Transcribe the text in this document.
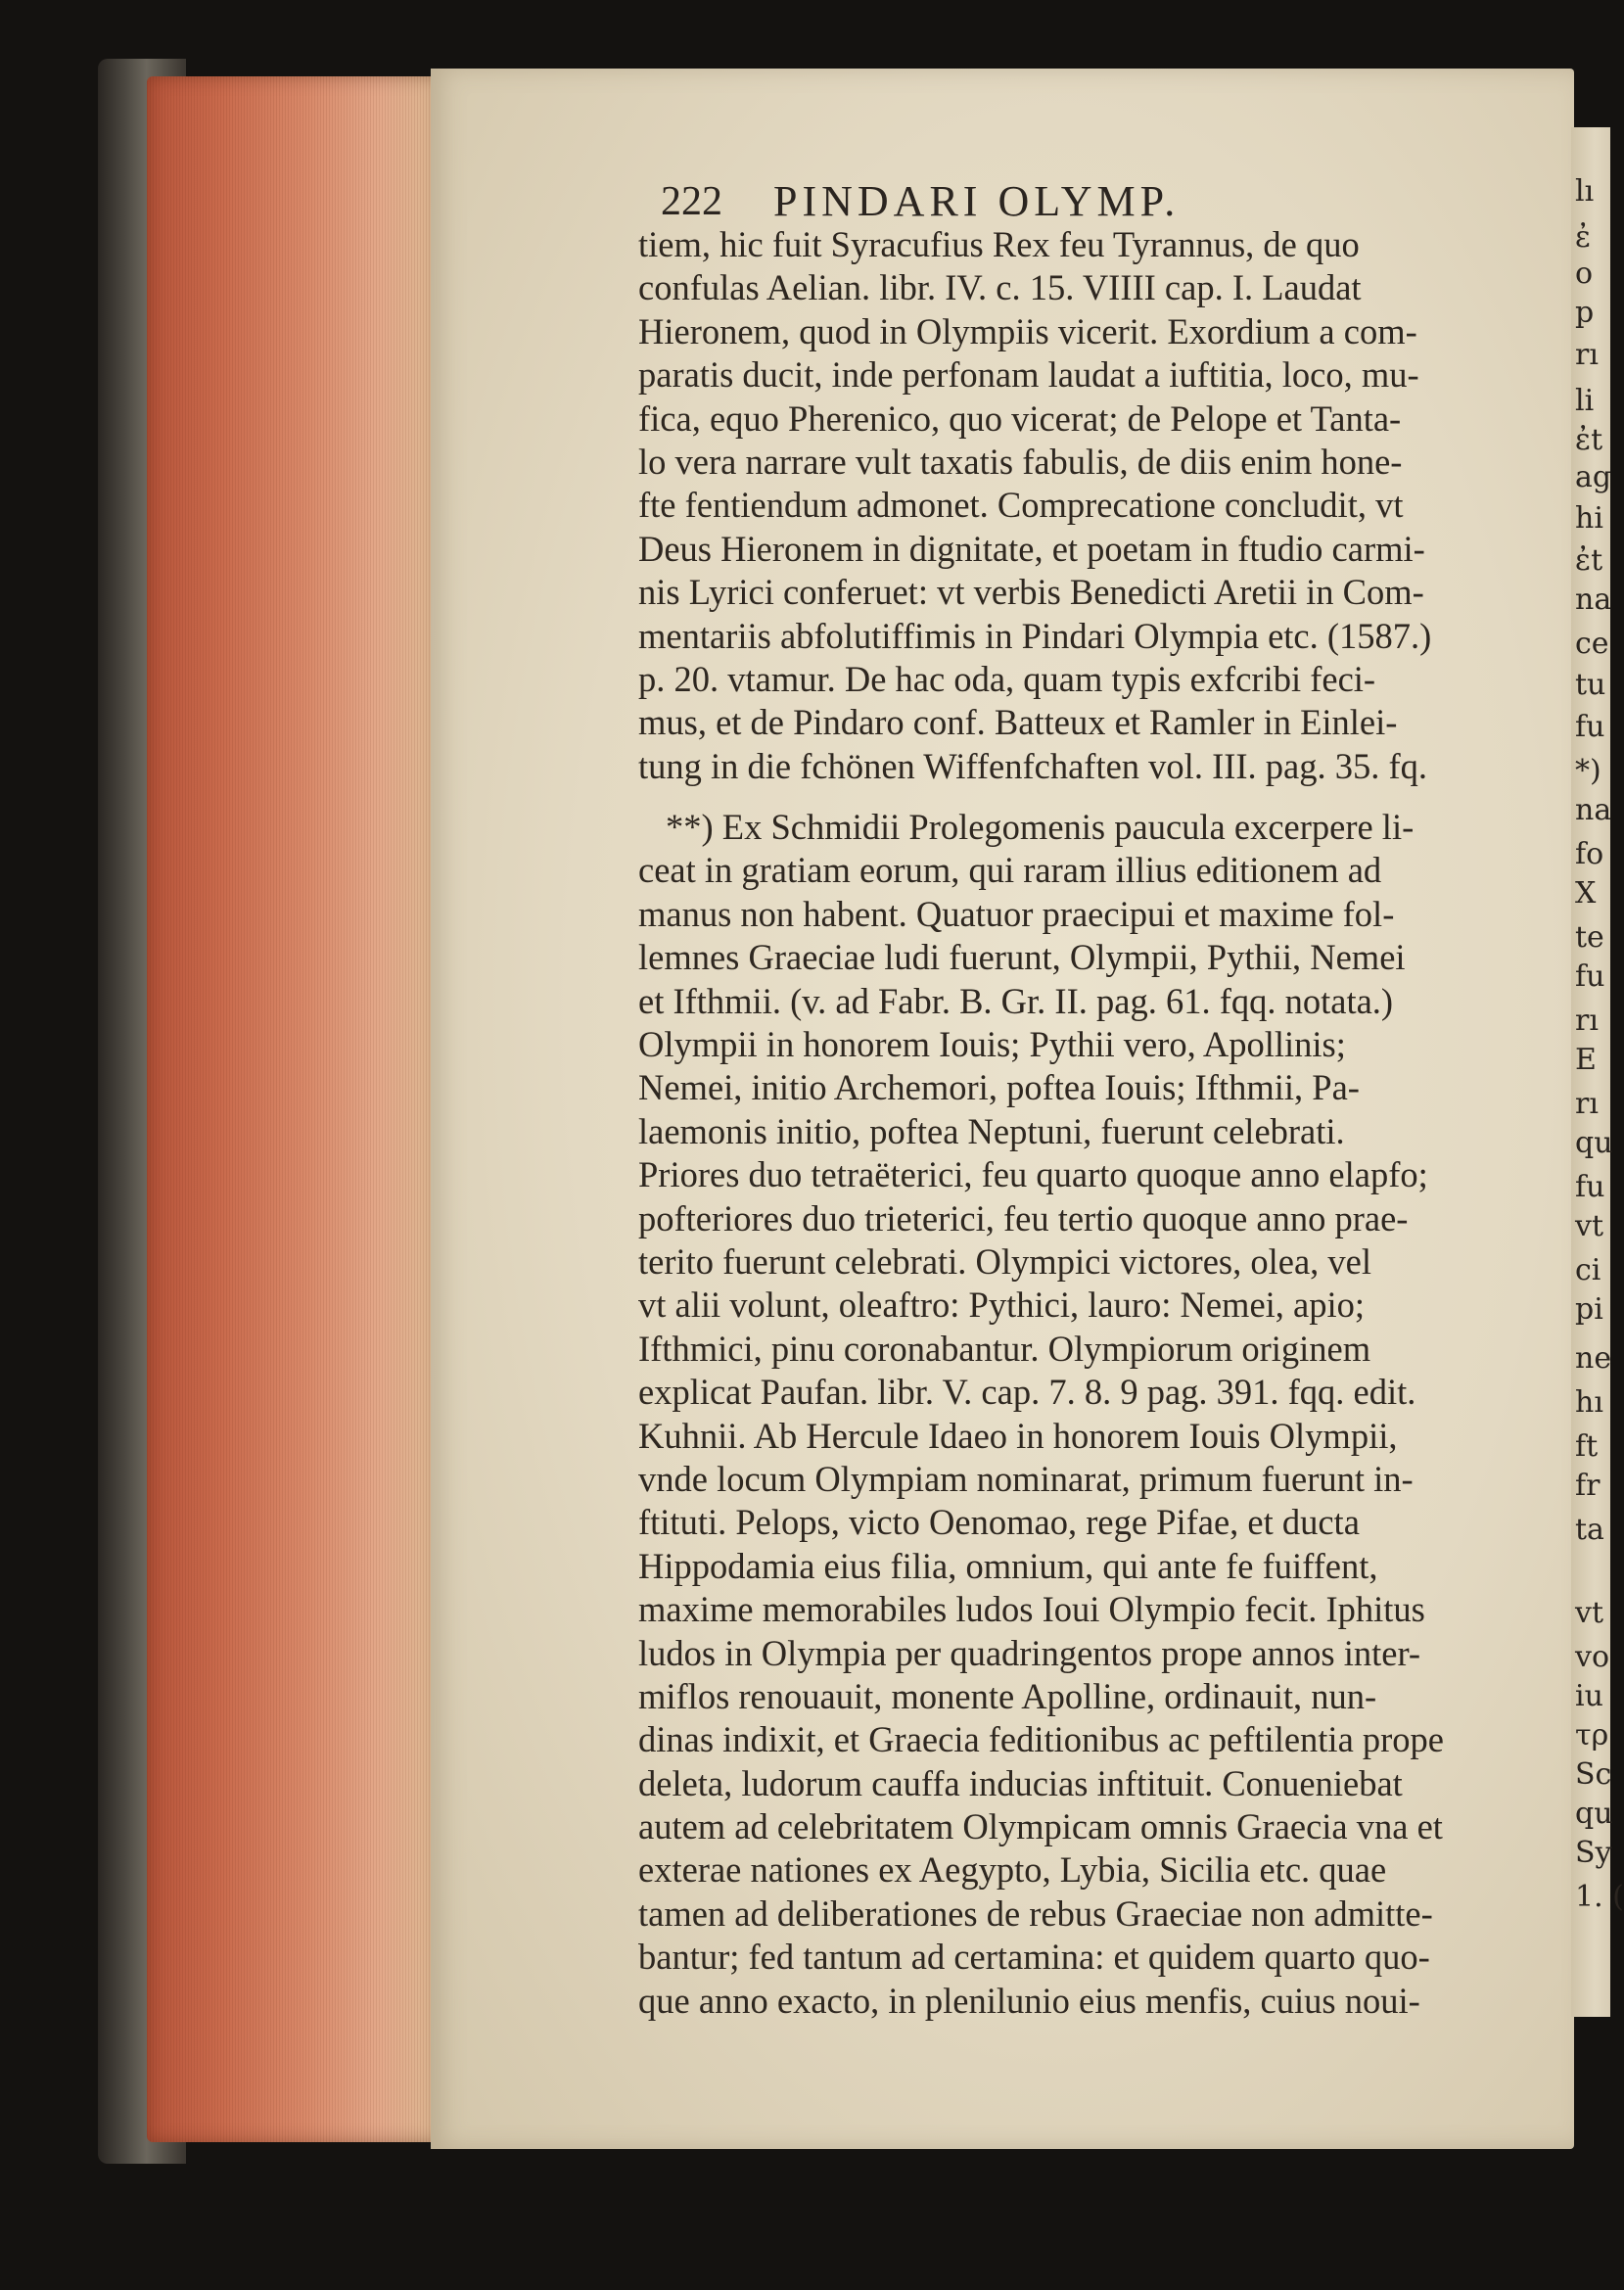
lı
ἐ
o
p
rı
li
ἐt
ag
hi
ἐt
na
ce
tu
fu
*)
na
fo
X
te
fu
rı
E
rı
qu
fu
vt
ci
pi
ne
hı
ft
fr
ta
vt
vo
iu
τρ
Sc
qu
Sy
1. (
222 PINDARI OLYMP.
tiem, hic fuit Syracufius Rex feu Tyrannus, de quo
confulas Aelian. libr. IV. c. 15. VIIII cap. I. Laudat
Hieronem, quod in Olympiis vicerit. Exordium a com-
paratis ducit, inde perfonam laudat a iuftitia, loco, mu-
fica, equo Pherenico, quo vicerat; de Pelope et Tanta-
lo vera narrare vult taxatis fabulis, de diis enim hone-
fte fentiendum admonet. Comprecatione concludit, vt
Deus Hieronem in dignitate, et poetam in ftudio carmi-
nis Lyrici conferuet: vt verbis Benedicti Aretii in Com-
mentariis abfolutiffimis in Pindari Olympia etc. (1587.)
p. 20. vtamur. De hac oda, quam typis exfcribi feci-
mus, et de Pindaro conf. Batteux et Ramler in Einlei-
tung in die fchönen Wiffenfchaften vol. III. pag. 35. fq.
**) Ex Schmidii Prolegomenis paucula excerpere li-
ceat in gratiam eorum, qui raram illius editionem ad
manus non habent. Quatuor praecipui et maxime fol-
lemnes Graeciae ludi fuerunt, Olympii, Pythii, Nemei
et Ifthmii. (v. ad Fabr. B. Gr. II. pag. 61. fqq. notata.)
Olympii in honorem Iouis; Pythii vero, Apollinis;
Nemei, initio Archemori, poftea Iouis; Ifthmii, Pa-
laemonis initio, poftea Neptuni, fuerunt celebrati.
Priores duo tetraëterici, feu quarto quoque anno elapfo;
pofteriores duo trieterici, feu tertio quoque anno prae-
terito fuerunt celebrati. Olympici victores, olea, vel
vt alii volunt, oleaftro: Pythici, lauro: Nemei, apio;
Ifthmici, pinu coronabantur. Olympiorum originem
explicat Paufan. libr. V. cap. 7. 8. 9 pag. 391. fqq. edit.
Kuhnii. Ab Hercule Idaeo in honorem Iouis Olympii,
vnde locum Olympiam nominarat, primum fuerunt in-
ftituti. Pelops, victo Oenomao, rege Pifae, et ducta
Hippodamia eius filia, omnium, qui ante fe fuiffent,
maxime memorabiles ludos Ioui Olympio fecit. Iphitus
ludos in Olympia per quadringentos prope annos inter-
miflos renouauit, monente Apolline, ordinauit, nun-
dinas indixit, et Graecia feditionibus ac peftilentia prope
deleta, ludorum cauffa inducias inftituit. Conueniebat
autem ad celebritatem Olympicam omnis Graecia vna et
exterae nationes ex Aegypto, Lybia, Sicilia etc. quae
tamen ad deliberationes de rebus Graeciae non admitte-
bantur; fed tantum ad certamina: et quidem quarto quo-
que anno exacto, in plenilunio eius menfis, cuius noui-
